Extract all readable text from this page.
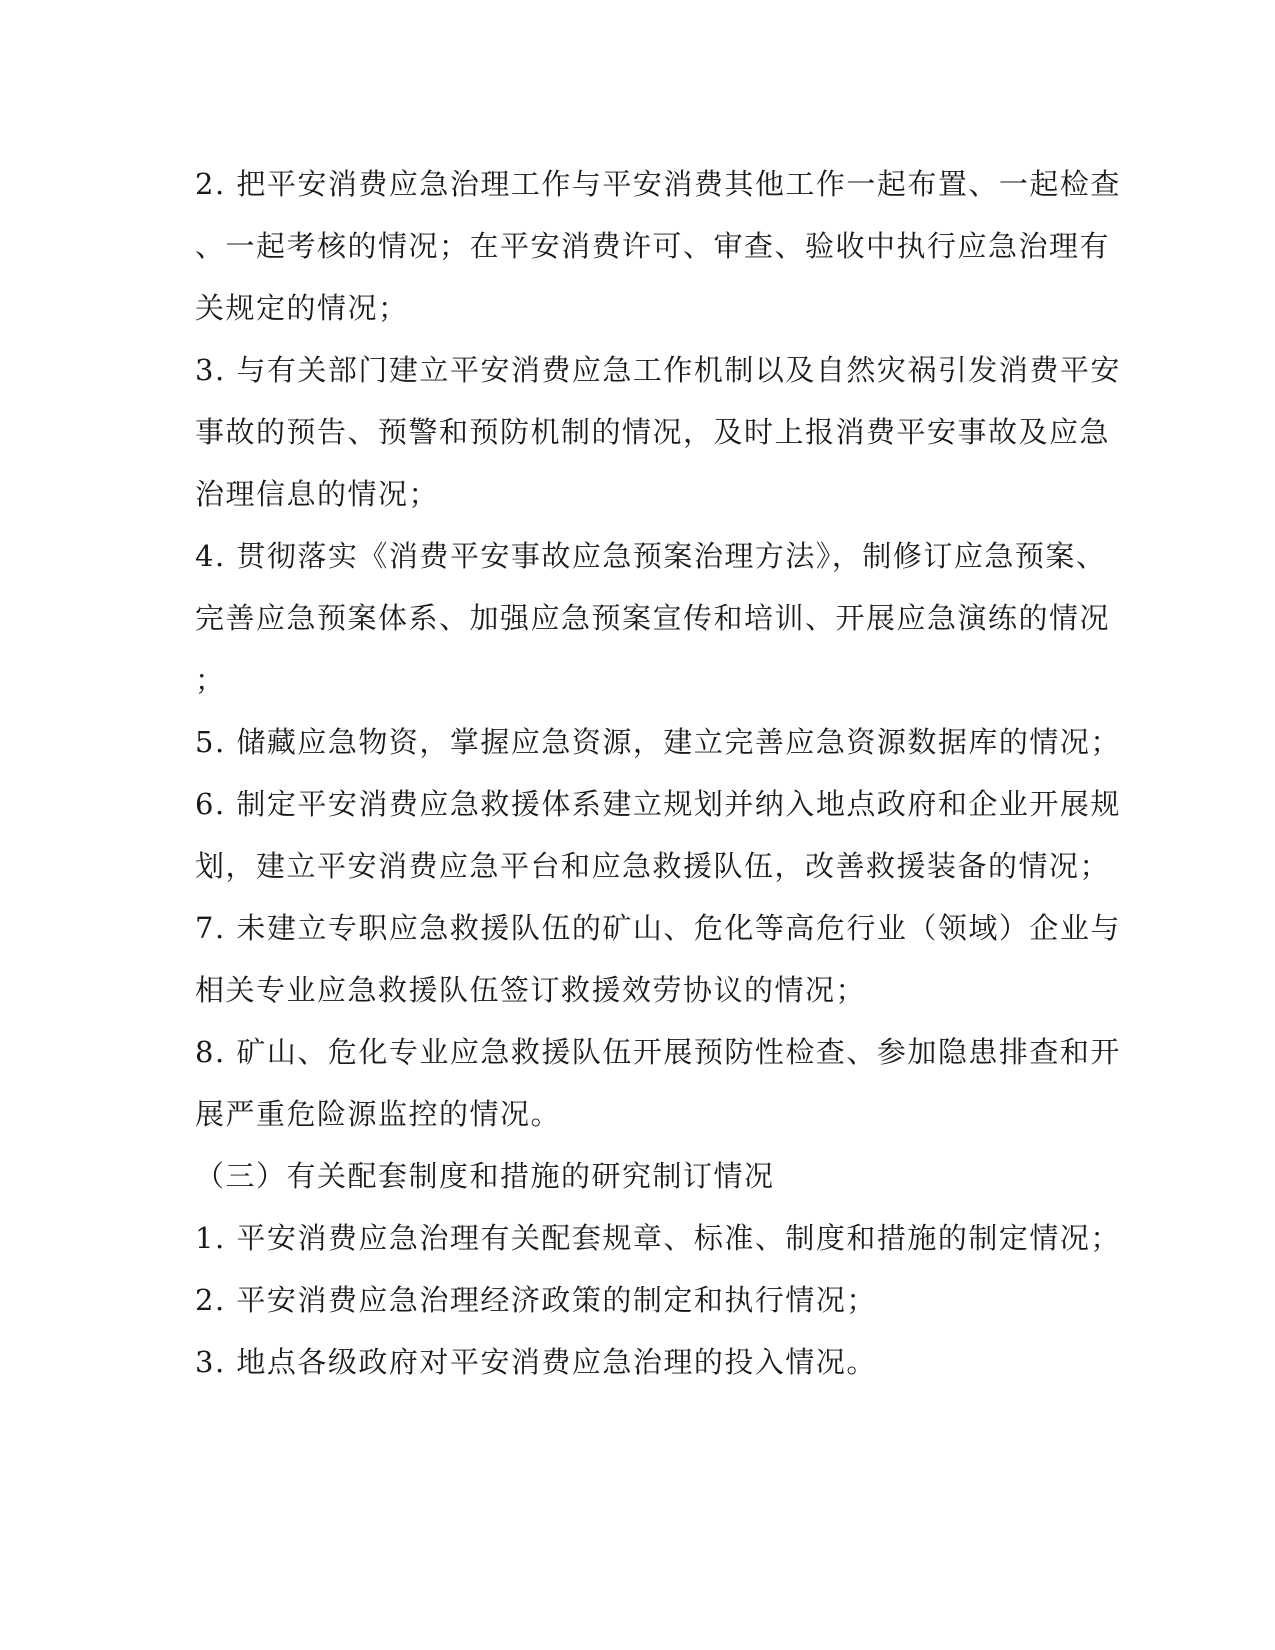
2. 把平安消费应急治理工作与平安消费其他工作一起布置、一起检查
、一起考核的情况；在平安消费许可、审查、验收中执行应急治理有
关规定的情况；
3. 与有关部门建立平安消费应急工作机制以及自然灾祸引发消费平安
事故的预告、预警和预防机制的情况，及时上报消费平安事故及应急
治理信息的情况；
4. 贯彻落实《消费平安事故应急预案治理方法》，制修订应急预案、
完善应急预案体系、加强应急预案宣传和培训、开展应急演练的情况
；
5. 储藏应急物资，掌握应急资源，建立完善应急资源数据库的情况；
6. 制定平安消费应急救援体系建立规划并纳入地点政府和企业开展规
划，建立平安消费应急平台和应急救援队伍，改善救援装备的情况；
7. 未建立专职应急救援队伍的矿山、危化等高危行业（领域）企业与
相关专业应急救援队伍签订救援效劳协议的情况；
8. 矿山、危化专业应急救援队伍开展预防性检查、参加隐患排查和开
展严重危险源监控的情况。
（三）有关配套制度和措施的研究制订情况
1. 平安消费应急治理有关配套规章、标准、制度和措施的制定情况；
2. 平安消费应急治理经济政策的制定和执行情况；
3. 地点各级政府对平安消费应急治理的投入情况。
